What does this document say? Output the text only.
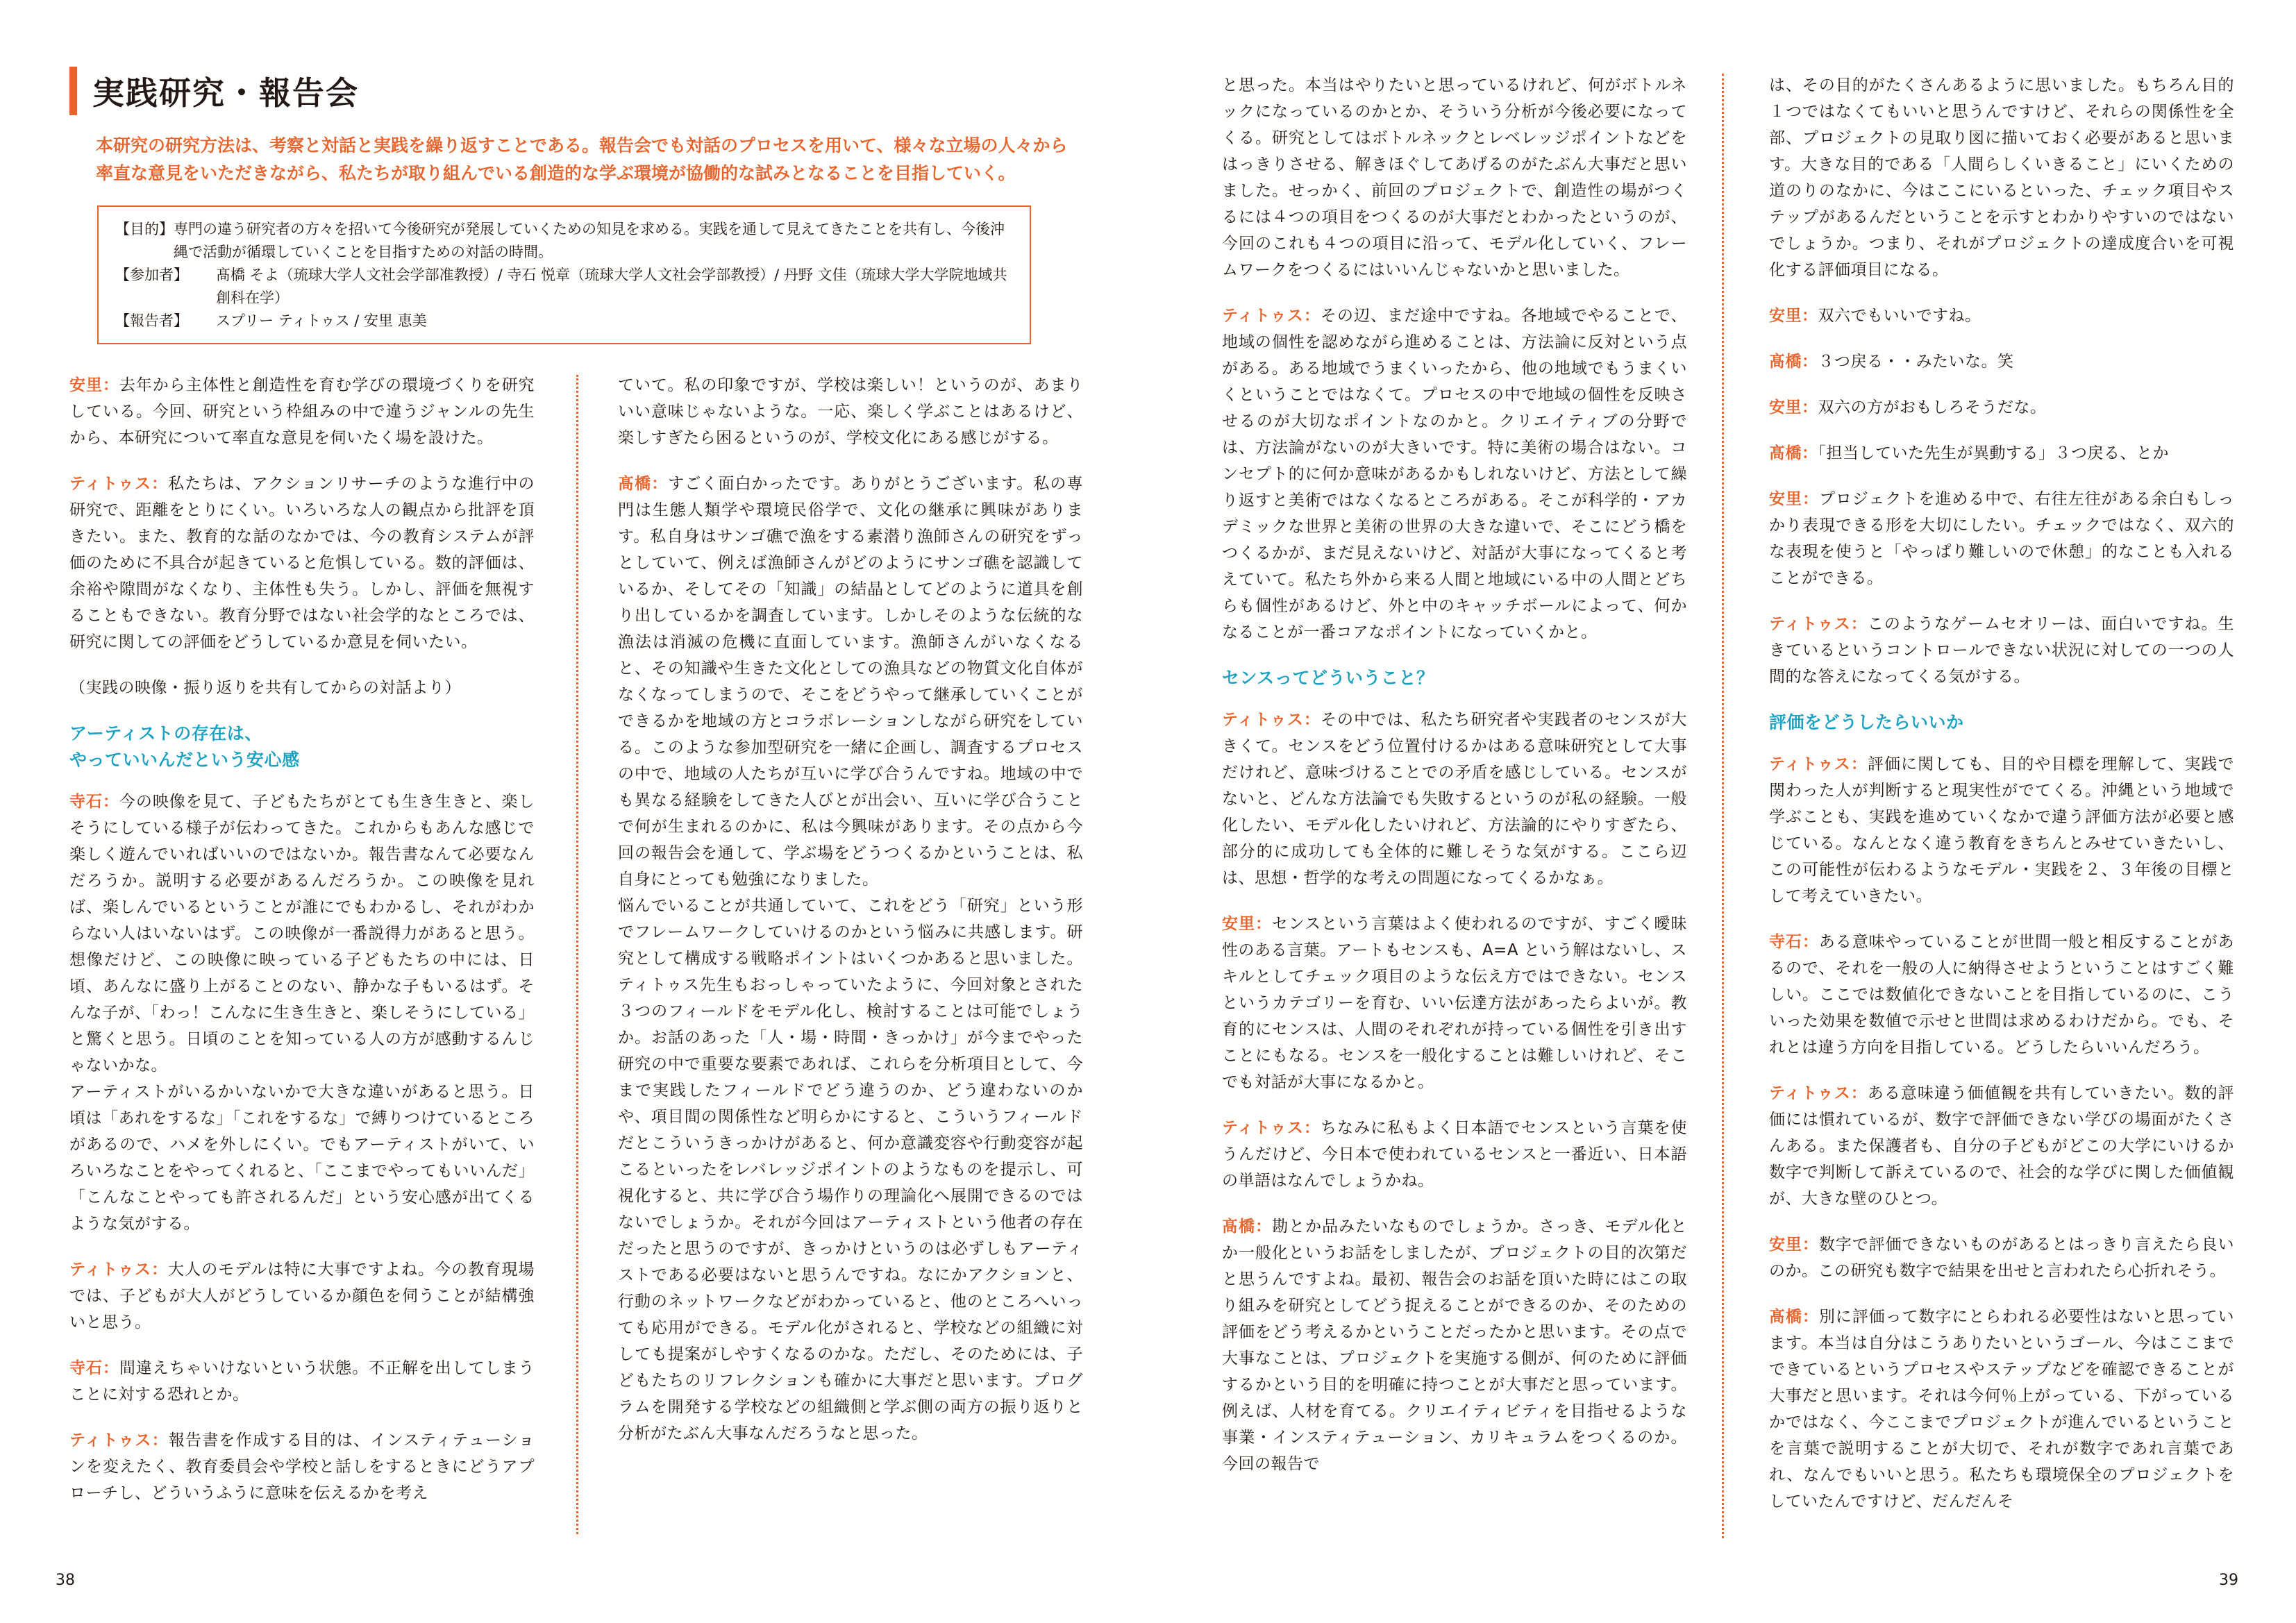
実践研究・報告会
本研究の研究方法は、考察と対話と実践を繰り返すことである。報告会でも対話のプロセスを用いて、様々な立場の人々から率直な意見をいただきながら、私たちが取り組んでいる創造的な学ぶ環境が協働的な試みとなることを目指していく。
【目的】 専門の違う研究者の方々を招いて今後研究が発展していくための知見を求める。実践を通して見えてきたことを共有し、今後沖縄で活動が循環していくことを目指すための対話の時間。
【参加者】	髙橋 そよ（琉球大学人文社会学部准教授）/ 寺石 悦章（琉球大学人文社会学部教授）/ 丹野 文佳（琉球大学大学院地域共創科在学）
【報告者】	スプリー ティトゥス / 安里 恵美
安里：去年から主体性と創造性を育む学びの環境づくりを研究している。今回、研究という枠組みの中で違うジャンルの先生から、本研究について率直な意見を伺いたく場を設けた。
ティトゥス：私たちは、アクションリサーチのような進行中の研究で、距離をとりにくい。いろいろな人の観点から批評を頂きたい。また、教育的な話のなかでは、今の教育システムが評価のために不具合が起きていると危惧している。数的評価は、余裕や隙間がなくなり、主体性も失う。しかし、評価を無視することもできない。教育分野ではない社会学的なところでは、研究に関しての評価をどうしているか意見を伺いたい。
（実践の映像・振り返りを共有してからの対話より）
アーティストの存在は、
やっていいんだという安心感
寺石：今の映像を見て、子どもたちがとても生き生きと、楽しそうにしている様子が伝わってきた。これからもあんな感じで楽しく遊んでいればいいのではないか。報告書なんて必要なんだろうか。説明する必要があるんだろうか。この映像を見れば、楽しんでいるということが誰にでもわかるし、それがわからない人はいないはず。この映像が一番説得力があると思う。想像だけど、この映像に映っている子どもたちの中には、日頃、あんなに盛り上がることのない、静かな子もいるはず。そんな子が、「わっ！こんなに生き生きと、楽しそうにしている」と驚くと思う。日頃のことを知っている人の方が感動するんじゃないかな。
アーティストがいるかいないかで大きな違いがあると思う。日頃は「あれをするな」「これをするな」で縛りつけているところがあるので、ハメを外しにくい。でもアーティストがいて、いろいろなことをやってくれると、「ここまでやってもいいんだ」「こんなことやっても許されるんだ」という安心感が出てくるような気がする。
ティトゥス：大人のモデルは特に大事ですよね。今の教育現場では、子どもが大人がどうしているか顔色を伺うことが結構強いと思う。
寺石：間違えちゃいけないという状態。不正解を出してしまうことに対する恐れとか。
ティトゥス：報告書を作成する目的は、インスティテューションを変えたく、教育委員会や学校と話しをするときにどうアプローチし、どういうふうに意味を伝えるかを考え
ていて。私の印象ですが、学校は楽しい！というのが、あまりいい意味じゃないような。一応、楽しく学ぶことはあるけど、楽しすぎたら困るというのが、学校文化にある感じがする。
髙橋：すごく面白かったです。ありがとうございます。私の専門は生態人類学や環境民俗学で、文化の継承に興味があります。私自身はサンゴ礁で漁をする素潜り漁師さんの研究をずっとしていて、例えば漁師さんがどのようにサンゴ礁を認識しているか、そしてその「知識」の結晶としてどのように道具を創り出しているかを調査しています。しかしそのような伝統的な漁法は消滅の危機に直面しています。漁師さんがいなくなると、その知識や生きた文化としての漁具などの物質文化自体がなくなってしまうので、そこをどうやって継承していくことができるかを地域の方とコラボレーションしながら研究をしている。このような参加型研究を一緒に企画し、調査するプロセスの中で、地域の人たちが互いに学び合うんですね。地域の中でも異なる経験をしてきた人びとが出会い、互いに学び合うことで何が生まれるのかに、私は今興味があります。その点から今回の報告会を通して、学ぶ場をどうつくるかということは、私自身にとっても勉強になりました。
悩んでいることが共通していて、これをどう「研究」という形でフレームワークしていけるのかという悩みに共感します。研究として構成する戦略ポイントはいくつかあると思いました。ティトゥス先生もおっしゃっていたように、今回対象とされた３つのフィールドをモデル化し、検討することは可能でしょうか。お話のあった「人・場・時間・きっかけ」が今までやった研究の中で重要な要素であれば、これらを分析項目として、今まで実践したフィールドでどう違うのか、どう違わないのかや、項目間の関係性など明らかにすると、こういうフィールドだとこういうきっかけがあると、何か意識変容や行動変容が起こるといったをレバレッジポイントのようなものを提示し、可視化すると、共に学び合う場作りの理論化へ展開できるのではないでしょうか。それが今回はアーティストという他者の存在だったと思うのですが、きっかけというのは必ずしもアーティストである必要はないと思うんですね。なにかアクションと、行動のネットワークなどがわかっていると、他のところへいっても応用ができる。モデル化がされると、学校などの組織に対しても提案がしやすくなるのかな。ただし、そのためには、子どもたちのリフレクションも確かに大事だと思います。プログラムを開発する学校などの組織側と学ぶ側の両方の振り返りと分析がたぶん大事なんだろうなと思った。
と思った。本当はやりたいと思っているけれど、何がボトルネックになっているのかとか、そういう分析が今後必要になってくる。研究としてはボトルネックとレベレッジポイントなどをはっきりさせる、解きほぐしてあげるのがたぶん大事だと思いました。せっかく、前回のプロジェクトで、創造性の場がつくるには４つの項目をつくるのが大事だとわかったというのが、今回のこれも４つの項目に沿って、モデル化していく、フレームワークをつくるにはいいんじゃないかと思いました。
ティトゥス：その辺、まだ途中ですね。各地域でやることで、地域の個性を認めながら進めることは、方法論に反対という点がある。ある地域でうまくいったから、他の地域でもうまくいくということではなくて。プロセスの中で地域の個性を反映させるのが大切なポイントなのかと。クリエイティブの分野では、方法論がないのが大きいです。特に美術の場合はない。コンセプト的に何か意味があるかもしれないけど、方法として繰り返すと美術ではなくなるところがある。そこが科学的・アカデミックな世界と美術の世界の大きな違いで、そこにどう橋をつくるかが、まだ見えないけど、対話が大事になってくると考えていて。私たち外から来る人間と地域にいる中の人間とどちらも個性があるけど、外と中のキャッチボールによって、何かなることが一番コアなポイントになっていくかと。
センスってどういうこと？
ティトゥス：その中では、私たち研究者や実践者のセンスが大きくて。センスをどう位置付けるかはある意味研究として大事だけれど、意味づけることでの矛盾を感じしている。センスがないと、どんな方法論でも失敗するというのが私の経験。一般化したい、モデル化したいけれど、方法論的にやりすぎたら、部分的に成功しても全体的に難しそうな気がする。ここら辺は、思想・哲学的な考えの問題になってくるかなぁ。
安里：センスという言葉はよく使われるのですが、すごく曖昧性のある言葉。アートもセンスも、A=A という解はないし、スキルとしてチェック項目のような伝え方ではできない。センスというカテゴリーを育む、いい伝達方法があったらよいが。教育的にセンスは、人間のそれぞれが持っている個性を引き出すことにもなる。センスを一般化することは難しいけれど、そこでも対話が大事になるかと。
ティトゥス：ちなみに私もよく日本語でセンスという言葉を使うんだけど、今日本で使われているセンスと一番近い、日本語の単語はなんでしょうかね。
髙橋：勘とか品みたいなものでしょうか。さっき、モデル化とか一般化というお話をしましたが、プロジェクトの目的次第だと思うんですよね。最初、報告会のお話を頂いた時にはこの取り組みを研究としてどう捉えることができるのか、そのための評価をどう考えるかということだったかと思います。その点で大事なことは、プロジェクトを実施する側が、何のために評価するかという目的を明確に持つことが大事だと思っています。例えば、人材を育てる。クリエイティビティを目指せるような事業・インスティテューション、カリキュラムをつくるのか。今回の報告で
は、その目的がたくさんあるように思いました。もちろん目的１つではなくてもいいと思うんですけど、それらの関係性を全部、プロジェクトの見取り図に描いておく必要があると思います。大きな目的である「人間らしくいきること」にいくための道のりのなかに、今はここにいるといった、チェック項目やステップがあるんだということを示すとわかりやすいのではないでしょうか。つまり、それがプロジェクトの達成度合いを可視化する評価項目になる。
安里：双六でもいいですね。
髙橋：３つ戻る・・みたいな。笑
安里：双六の方がおもしろそうだな。
髙橋：「担当していた先生が異動する」３つ戻る、とか
安里：プロジェクトを進める中で、右往左往がある余白もしっかり表現できる形を大切にしたい。チェックではなく、双六的な表現を使うと「やっぱり難しいので休憩」的なことも入れることができる。
ティトゥス：このようなゲームセオリーは、面白いですね。生きているというコントロールできない状況に対しての一つの人間的な答えになってくる気がする。
評価をどうしたらいいか
ティトゥス：評価に関しても、目的や目標を理解して、実践で関わった人が判断すると現実性がでてくる。沖縄という地域で学ぶことも、実践を進めていくなかで違う評価方法が必要と感じている。なんとなく違う教育をきちんとみせていきたいし、この可能性が伝わるようなモデル・実践を２、３年後の目標として考えていきたい。
寺石：ある意味やっていることが世間一般と相反することがあるので、それを一般の人に納得させようということはすごく難しい。ここでは数値化できないことを目指しているのに、こういった効果を数値で示せと世間は求めるわけだから。でも、それとは違う方向を目指している。どうしたらいいんだろう。
ティトゥス：ある意味違う価値観を共有していきたい。数的評価には慣れているが、数字で評価できない学びの場面がたくさんある。また保護者も、自分の子どもがどこの大学にいけるか数字で判断して訴えているので、社会的な学びに関した価値観が、大きな壁のひとつ。
安里：数字で評価できないものがあるとはっきり言えたら良いのか。この研究も数字で結果を出せと言われたら心折れそう。
髙橋：別に評価って数字にとらわれる必要性はないと思っています。本当は自分はこうありたいというゴール、今はここまでできているというプロセスやステップなどを確認できることが大事だと思います。それは今何％上がっている、下がっているかではなく、今ここまでプロジェクトが進んでいるということを言葉で説明することが大切で、それが数字であれ言葉であれ、なんでもいいと思う。私たちも環境保全のプロジェクトをしていたんですけど、だんだんそ
38	39
